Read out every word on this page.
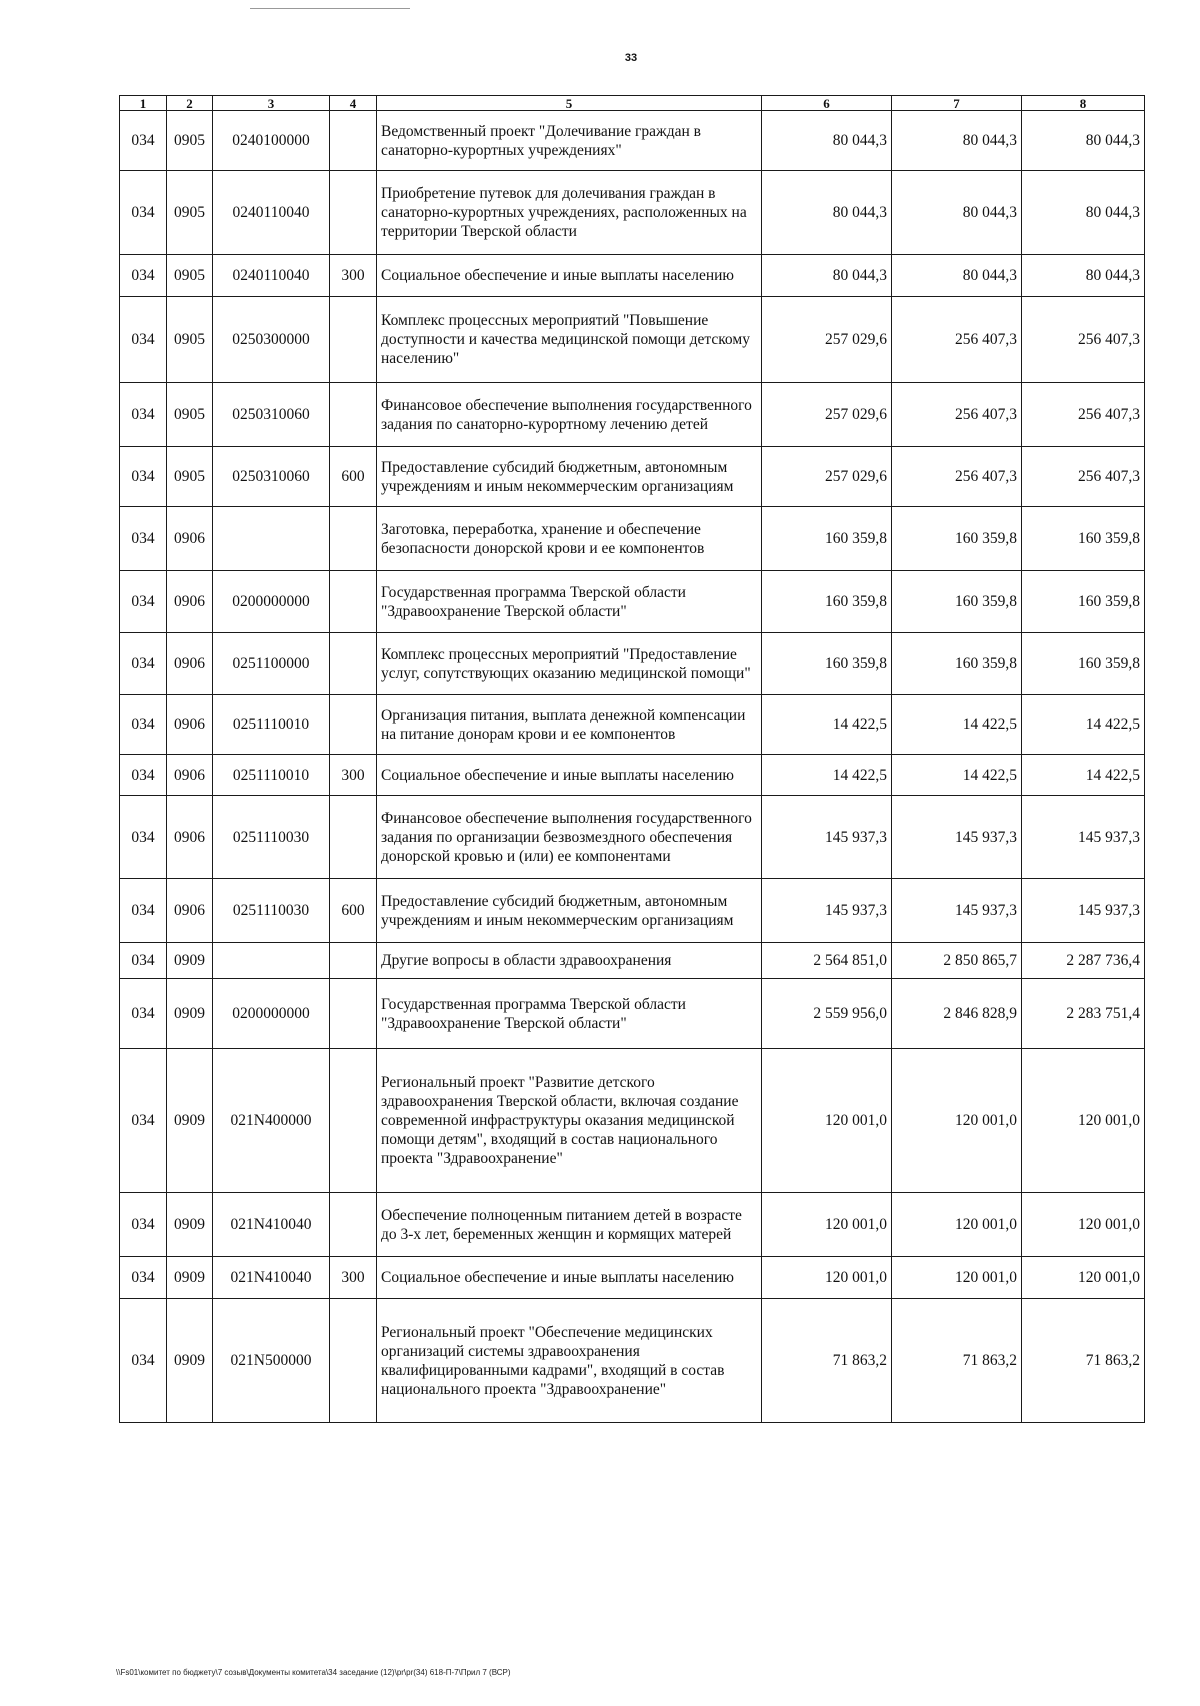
33
1	2	3	4	5	6	7	8
034	0905	0240100000		Ведомственный проект "Долечивание граждан в санаторно-курортных учреждениях"	80 044,3	80 044,3	80 044,3
034	0905	0240110040		Приобретение путевок для долечивания граждан в санаторно-курортных учреждениях, расположенных на территории Тверской области	80 044,3	80 044,3	80 044,3
034	0905	0240110040	300	Социальное обеспечение и иные выплаты населению	80 044,3	80 044,3	80 044,3
034	0905	0250300000		Комплекс процессных мероприятий "Повышение доступности и качества медицинской помощи детскому населению"	257 029,6	256 407,3	256 407,3
034	0905	0250310060		Финансовое обеспечение выполнения государственного задания по санаторно-курортному лечению детей	257 029,6	256 407,3	256 407,3
034	0905	0250310060	600	Предоставление субсидий бюджетным, автономным учреждениям и иным некоммерческим организациям	257 029,6	256 407,3	256 407,3
034	0906			Заготовка, переработка, хранение и обеспечение безопасности донорской крови и ее компонентов	160 359,8	160 359,8	160 359,8
034	0906	0200000000		Государственная программа Тверской области "Здравоохранение Тверской области"	160 359,8	160 359,8	160 359,8
034	0906	0251100000		Комплекс процессных мероприятий "Предоставление услуг, сопутствующих оказанию медицинской помощи"	160 359,8	160 359,8	160 359,8
034	0906	0251110010		Организация питания, выплата денежной компенсации на питание донорам крови и ее компонентов	14 422,5	14 422,5	14 422,5
034	0906	0251110010	300	Социальное обеспечение и иные выплаты населению	14 422,5	14 422,5	14 422,5
034	0906	0251110030		Финансовое обеспечение выполнения государственного задания по организации безвозмездного обеспечения донорской кровью и (или) ее компонентами	145 937,3	145 937,3	145 937,3
034	0906	0251110030	600	Предоставление субсидий бюджетным, автономным учреждениям и иным некоммерческим организациям	145 937,3	145 937,3	145 937,3
034	0909			Другие вопросы в области здравоохранения	2 564 851,0	2 850 865,7	2 287 736,4
034	0909	0200000000		Государственная программа Тверской области "Здравоохранение Тверской области"	2 559 956,0	2 846 828,9	2 283 751,4
034	0909	021N400000		Региональный проект "Развитие детского здравоохранения Тверской области, включая создание современной инфраструктуры оказания медицинской помощи детям", входящий в состав национального проекта "Здравоохранение"	120 001,0	120 001,0	120 001,0
034	0909	021N410040		Обеспечение полноценным питанием детей в возрасте до 3-х лет, беременных женщин и кормящих матерей	120 001,0	120 001,0	120 001,0
034	0909	021N410040	300	Социальное обеспечение и иные выплаты населению	120 001,0	120 001,0	120 001,0
034	0909	021N500000		Региональный проект "Обеспечение медицинских организаций системы здравоохранения квалифицированными кадрами", входящий в состав национального проекта "Здравоохранение"	71 863,2	71 863,2	71 863,2
\\Fs01\комитет по бюджету\7 созыв\Документы комитета\34 заседание (12)\pr\pr(34) 618-П-7\Прил 7 (ВСР)
